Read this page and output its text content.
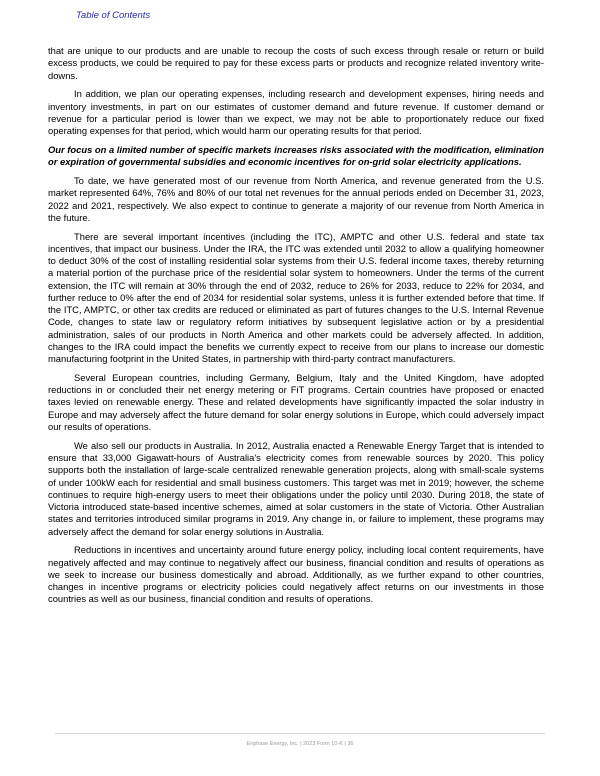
Table of Contents

that are unique to our products and are unable to recoup the costs of such excess through resale or return or build excess products, we could be required to pay for these excess parts or products and recognize related inventory write-downs.

In addition, we plan our operating expenses, including research and development expenses, hiring needs and inventory investments, in part on our estimates of customer demand and future revenue. If customer demand or revenue for a particular period is lower than we expect, we may not be able to proportionately reduce our fixed operating expenses for that period, which would harm our operating results for that period.

Our focus on a limited number of specific markets increases risks associated with the modification, elimination or expiration of governmental subsidies and economic incentives for on-grid solar electricity applications.

To date, we have generated most of our revenue from North America, and revenue generated from the U.S. market represented 64%, 76% and 80% of our total net revenues for the annual periods ended on December 31, 2023, 2022 and 2021, respectively. We also expect to continue to generate a majority of our revenue from North America in the future.

There are several important incentives (including the ITC), AMPTC and other U.S. federal and state tax incentives, that impact our business. Under the IRA, the ITC was extended until 2032 to allow a qualifying homeowner to deduct 30% of the cost of installing residential solar systems from their U.S. federal income taxes, thereby returning a material portion of the purchase price of the residential solar system to homeowners. Under the terms of the current extension, the ITC will remain at 30% through the end of 2032, reduce to 26% for 2033, reduce to 22% for 2034, and further reduce to 0% after the end of 2034 for residential solar systems, unless it is further extended before that time. If the ITC, AMPTC, or other tax credits are reduced or eliminated as part of futures changes to the U.S. Internal Revenue Code, changes to state law or regulatory reform initiatives by subsequent legislative action or by a presidential administration, sales of our products in North America and other markets could be adversely affected. In addition, changes to the IRA could impact the benefits we currently expect to receive from our plans to increase our domestic manufacturing footprint in the United States, in partnership with third-party contract manufacturers.

Several European countries, including Germany, Belgium, Italy and the United Kingdom, have adopted reductions in or concluded their net energy metering or FiT programs. Certain countries have proposed or enacted taxes levied on renewable energy. These and related developments have significantly impacted the solar industry in Europe and may adversely affect the future demand for solar energy solutions in Europe, which could adversely impact our results of operations.

We also sell our products in Australia. In 2012, Australia enacted a Renewable Energy Target that is intended to ensure that 33,000 Gigawatt-hours of Australia's electricity comes from renewable sources by 2020. This policy supports both the installation of large-scale centralized renewable generation projects, along with small-scale systems of under 100kW each for residential and small business customers. This target was met in 2019; however, the scheme continues to require high-energy users to meet their obligations under the policy until 2030. During 2018, the state of Victoria introduced state-based incentive schemes, aimed at solar customers in the state of Victoria. Other Australian states and territories introduced similar programs in 2019. Any change in, or failure to implement, these programs may adversely affect the demand for solar energy solutions in Australia.

Reductions in incentives and uncertainty around future energy policy, including local content requirements, have negatively affected and may continue to negatively affect our business, financial condition and results of operations as we seek to increase our business domestically and abroad. Additionally, as we further expand to other countries, changes in incentive programs or electricity policies could negatively affect returns on our investments in those countries as well as our business, financial condition and results of operations.

Enphase Energy, Inc. | 2023 Form 10-K | 36
